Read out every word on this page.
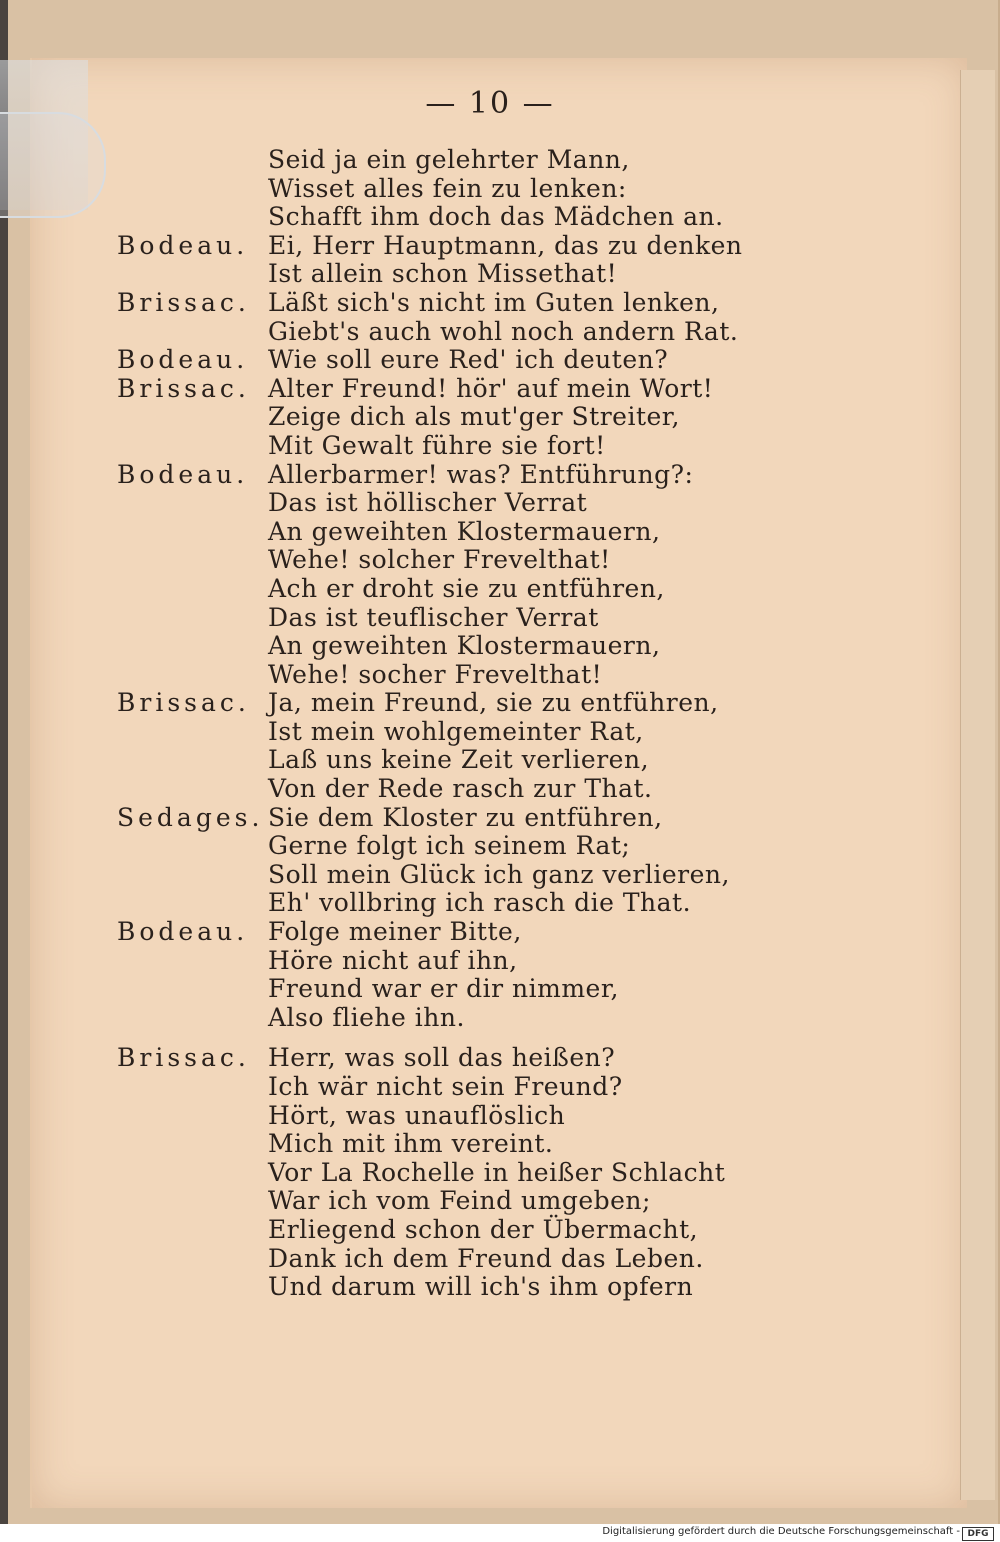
— 10 —
Seid ja ein gelehrter Mann,
Wisset alles fein zu lenken:
Schafft ihm doch das Mädchen an.
Bodeau. Ei, Herr Hauptmann, das zu denken
Ist allein schon Missethat!
Brissac. Läßt sich's nicht im Guten lenken,
Giebt's auch wohl noch andern Rat.
Bodeau. Wie soll eure Red' ich deuten?
Brissac. Alter Freund! hör' auf mein Wort!
Zeige dich als mut'ger Streiter,
Mit Gewalt führe sie fort!
Bodeau. Allerbarmer! was? Entführung?:
Das ist höllischer Verrat
An geweihten Klostermauern,
Wehe! solcher Frevelthat!
Ach er droht sie zu entführen,
Das ist teuflischer Verrat
An geweihten Klostermauern,
Wehe! socher Frevelthat!
Brissac. Ja, mein Freund, sie zu entführen,
Ist mein wohlgemeinter Rat,
Laß uns keine Zeit verlieren,
Von der Rede rasch zur That.
Sedages. Sie dem Kloster zu entführen,
Gerne folgt ich seinem Rat;
Soll mein Glück ich ganz verlieren,
Eh' vollbring ich rasch die That.
Bodeau. Folge meiner Bitte,
Höre nicht auf ihn,
Freund war er dir nimmer,
Also fliehe ihn.
Brissac. Herr, was soll das heißen?
Ich wär nicht sein Freund?
Hört, was unauflöslich
Mich mit ihm vereint.
Vor La Rochelle in heißer Schlacht
War ich vom Feind umgeben;
Erliegend schon der Übermacht,
Dank ich dem Freund das Leben.
Und darum will ich's ihm opfern
Digitalisierung gefördert durch die Deutsche Forschungsgemeinschaft - DFG
